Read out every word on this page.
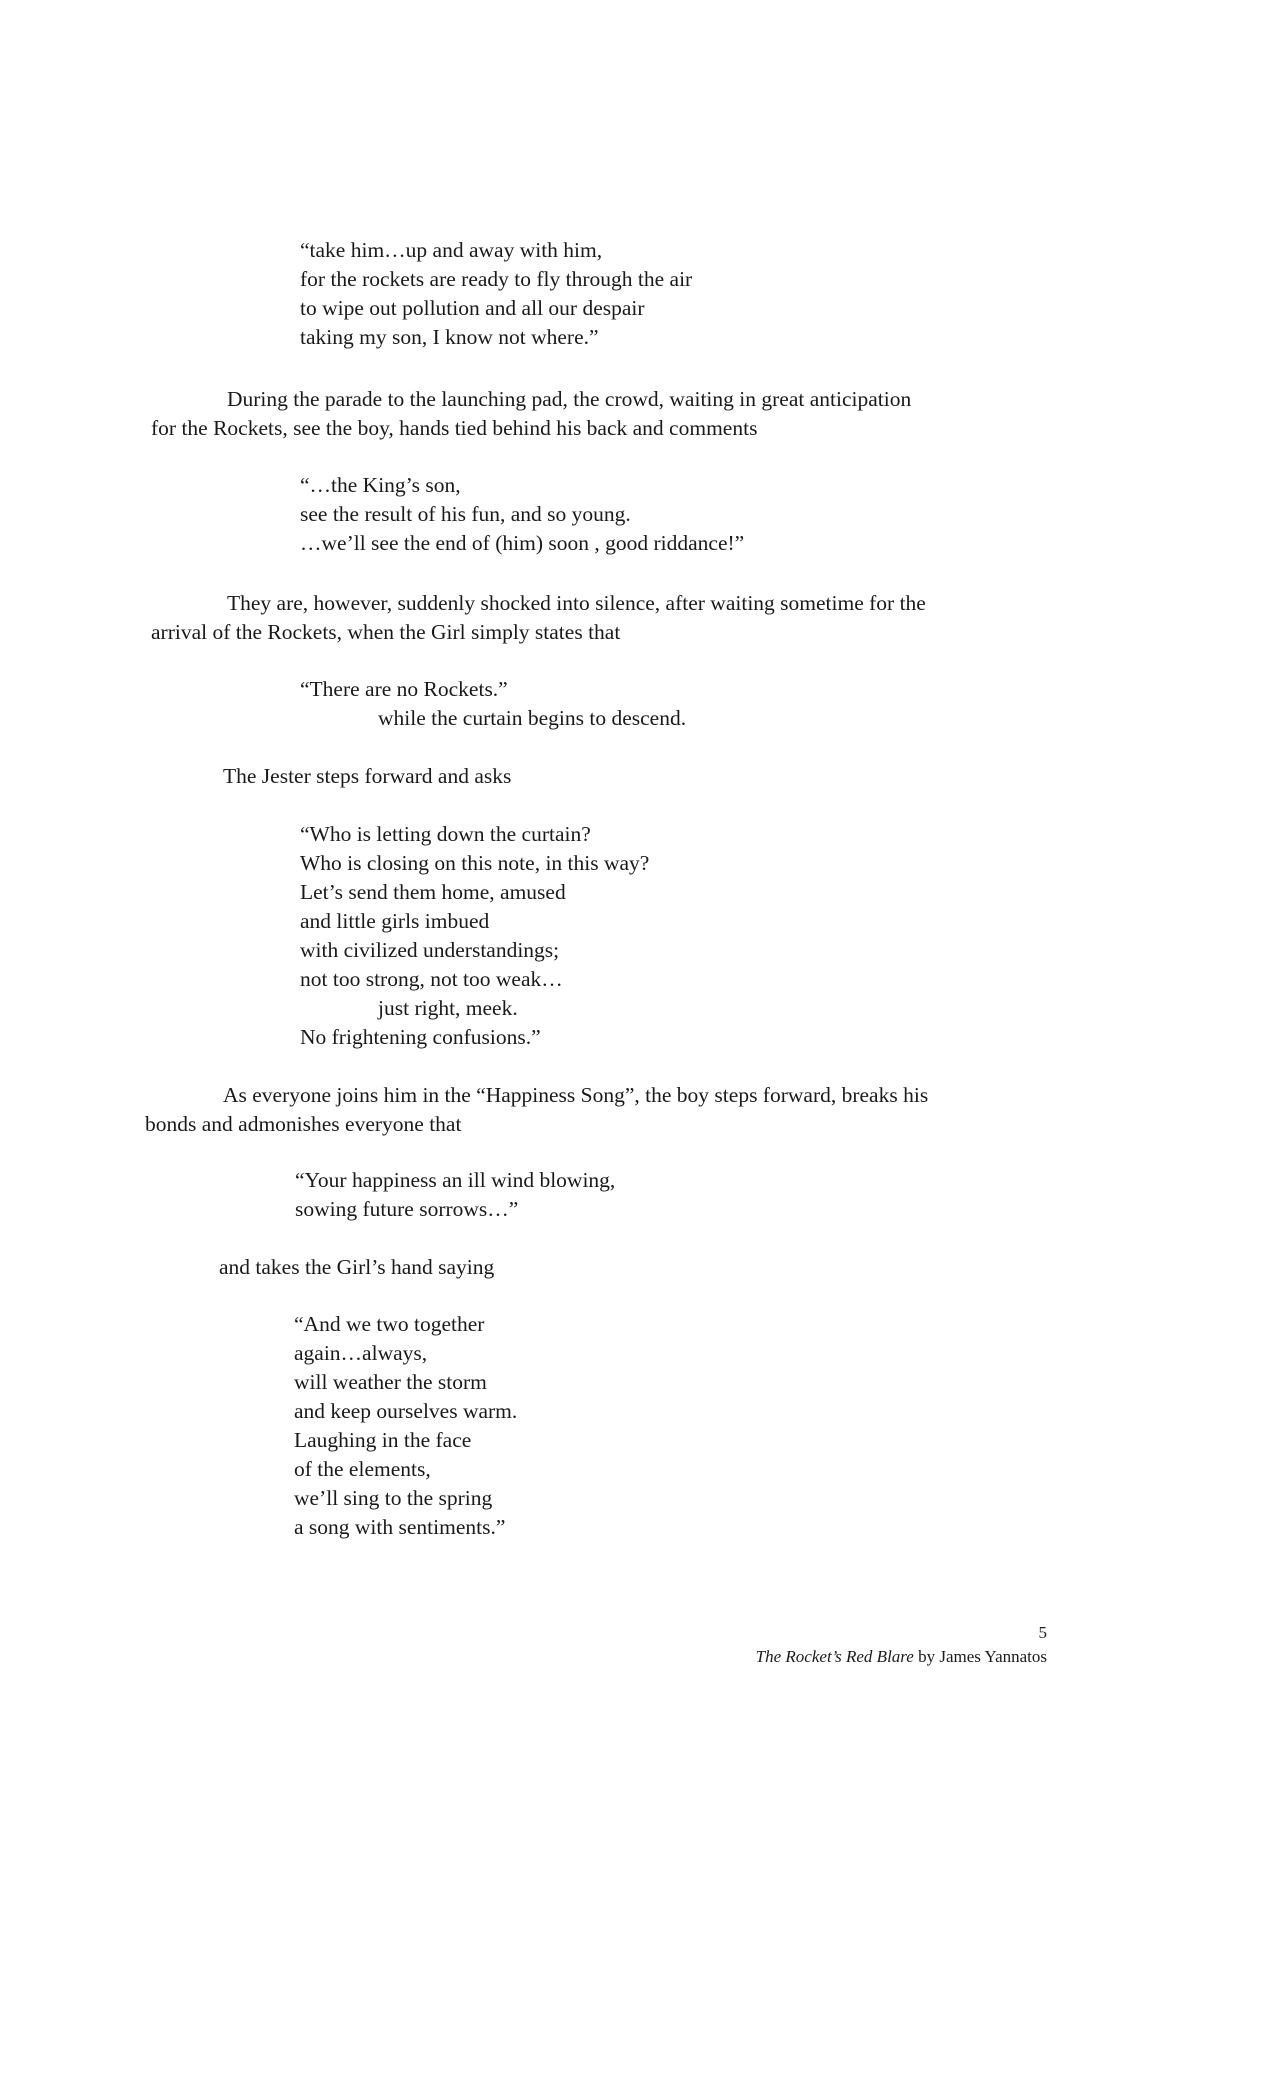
“take him…up and away with him,
for the rockets are ready to fly through the air
to wipe out pollution and all our despair
taking my son, I know not where.”
During the parade to the launching pad, the crowd, waiting in great anticipation
for the Rockets, see the boy, hands tied behind his back and comments
“…the King’s son,
see the result of his fun, and so young.
…we’ll see the end of (him) soon , good riddance!”
They are, however, suddenly shocked into silence, after waiting sometime for the
arrival of the Rockets, when the Girl simply states that
“There are no Rockets.”
while the curtain begins to descend.
The Jester steps forward and asks
“Who is letting down the curtain?
Who is closing on this note, in this way?
Let’s send them home, amused
and little girls imbued
with civilized understandings;
not too strong, not too weak…
just right, meek.
No frightening confusions.”
As everyone joins him in the “Happiness Song”, the boy steps forward, breaks his
bonds and admonishes everyone that
“Your happiness an ill wind blowing,
sowing future sorrows…”
and takes the Girl’s hand saying
“And we two together
again…always,
will weather the storm
and keep ourselves warm.
Laughing in the face
of the elements,
we’ll sing to the spring
a song with sentiments.”
5
The Rocket’s Red Blare by James Yannatos
